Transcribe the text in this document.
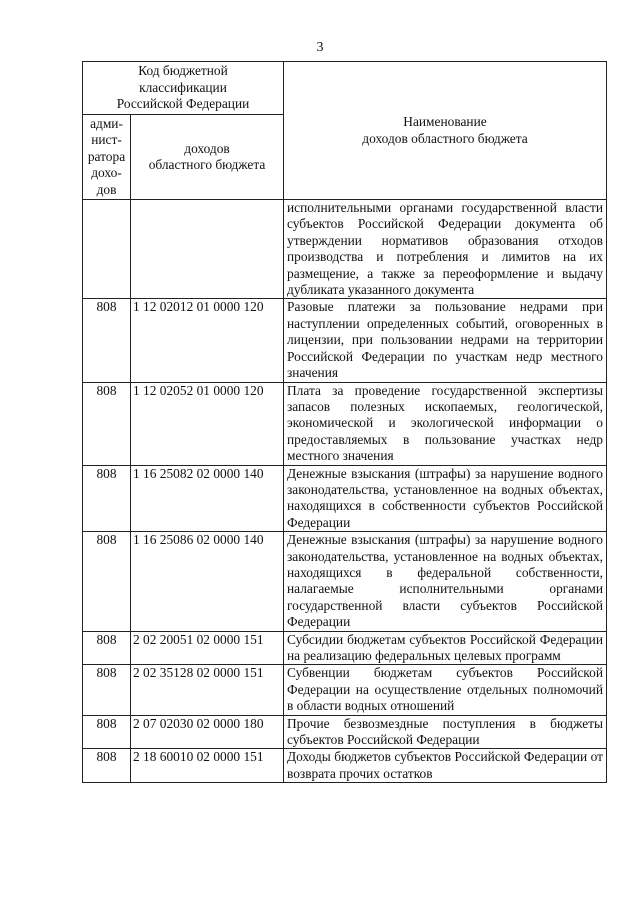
3
Код бюджетной
классификации
Российской Федерации		Наименование
доходов областного бюджета
адми-
нист-
ратора
дохо-
дов	доходов
областного бюджета	
		исполнительными органами государственной власти субъектов Российской Федерации документа об утверждении нормативов образования отходов производства и потребления и лимитов на их размещение, а также за переоформление и выдачу дубликата указанного документа
808	1 12 02012 01 0000 120	Разовые платежи за пользование недрами при наступлении определенных событий, оговоренных в лицензии, при пользовании недрами на территории Российской Федерации по участкам недр местного значения
808	1 12 02052 01 0000 120	Плата за проведение государственной экспертизы запасов полезных ископаемых, геологической, экономической и экологической информации о предоставляемых в пользование участках недр местного значения
808	1 16 25082 02 0000 140	Денежные взыскания (штрафы) за нарушение водного законодательства, установленное на водных объектах, находящихся в собственности субъектов Российской Федерации
808	1 16 25086 02 0000 140	Денежные взыскания (штрафы) за нарушение водного законодательства, установленное на водных объектах, находящихся в федеральной собственности, налагаемые исполнительными органами государственной власти субъектов Российской Федерации
808	2 02 20051 02 0000 151	Субсидии бюджетам субъектов Российской Федерации на реализацию федеральных целевых программ
808	2 02 35128 02 0000 151	Субвенции бюджетам субъектов Российской Федерации на осуществление отдельных полномочий в области водных отношений
808	2 07 02030 02 0000 180	Прочие безвозмездные поступления в бюджеты субъектов Российской Федерации
808	2 18 60010 02 0000 151	Доходы бюджетов субъектов Российской Федерации от возврата прочих остатков
